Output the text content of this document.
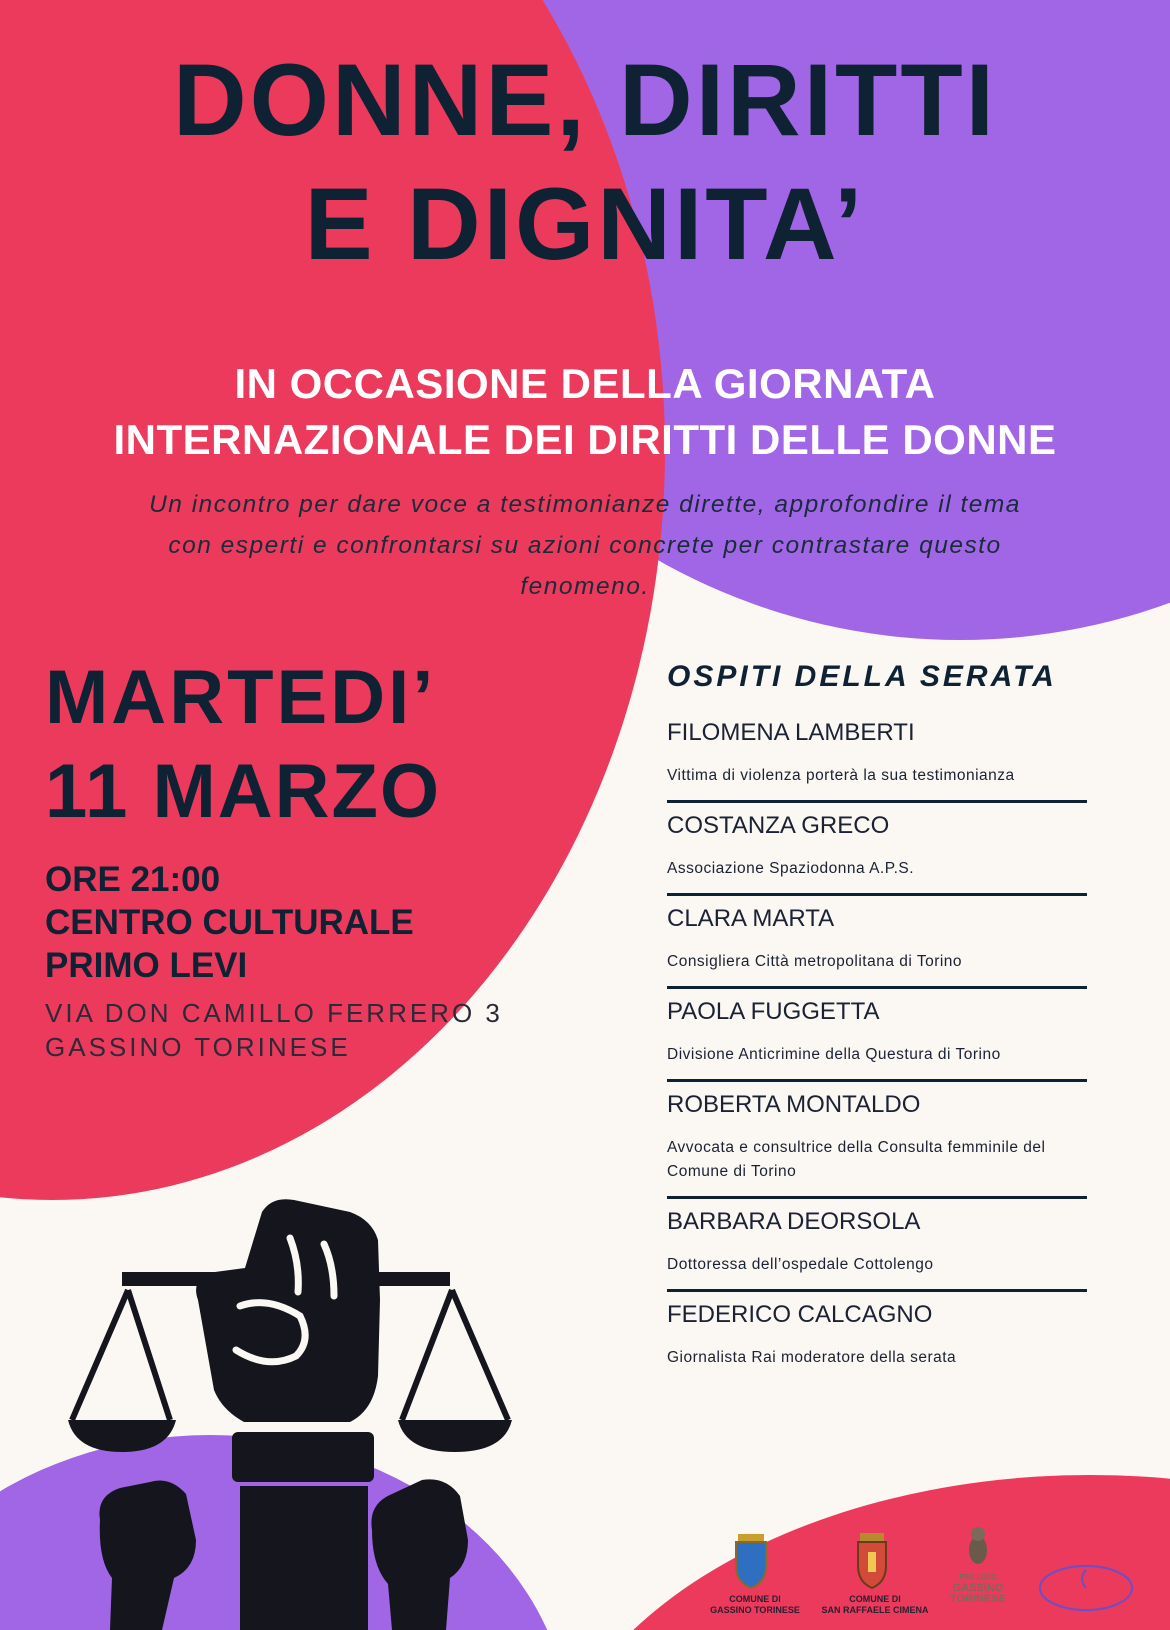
DONNE, DIRITTI
E DIGNITA’
IN OCCASIONE DELLA GIORNATA
INTERNAZIONALE DEI DIRITTI DELLE DONNE

Un incontro per dare voce a testimonianze dirette, approfondire il tema con esperti e confrontarsi su azioni concrete per contrastare questo fenomeno.

MARTEDI’
11 MARZO
ORE 21:00
CENTRO CULTURALE
PRIMO LEVI
VIA DON CAMILLO FERRERO 3
GASSINO TORINESE
OSPITI DELLA SERATA
FILOMENA LAMBERTI
Vittima di violenza porterà la sua testimonianza
COSTANZA GRECO
Associazione Spaziodonna A.P.S.
CLARA MARTA
Consigliera Città metropolitana di Torino
PAOLA FUGGETTA
Divisione Anticrimine della Questura di Torino
ROBERTA MONTALDO
Avvocata e consultrice della Consulta femminile del Comune di Torino
BARBARA DEORSOLA
Dottoressa dell’ospedale Cottolengo
FEDERICO CALCAGNO
Giornalista Rai moderatore della serata
COMUNE DI
GASSINO TORINESE
COMUNE DI
SAN RAFFAELE CIMENA
PRO LOCO
GASSINO
TORINESE
